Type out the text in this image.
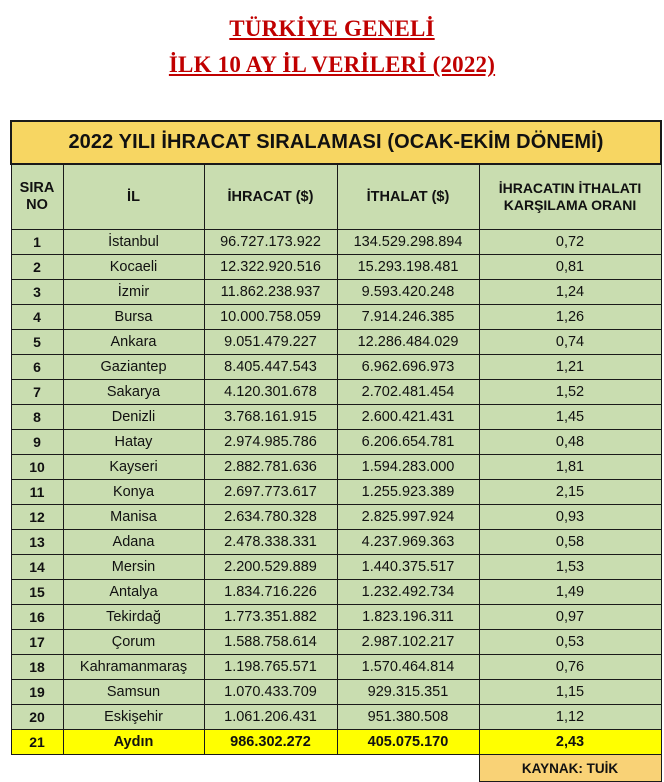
TÜRKİYE GENELİ
İLK 10 AY İL VERİLERİ (2022)
2022 YILI İHRACAT SIRALAMASI (OCAK-EKİM DÖNEMİ)				
SIRA NO	İL	İHRACAT ($)	İTHALAT ($)	İHRACATIN İTHALATI KARŞILAMA ORANI
1	İstanbul	96.727.173.922	134.529.298.894	0,72
2	Kocaeli	12.322.920.516	15.293.198.481	0,81
3	İzmir	11.862.238.937	9.593.420.248	1,24
4	Bursa	10.000.758.059	7.914.246.385	1,26
5	Ankara	9.051.479.227	12.286.484.029	0,74
6	Gaziantep	8.405.447.543	6.962.696.973	1,21
7	Sakarya	4.120.301.678	2.702.481.454	1,52
8	Denizli	3.768.161.915	2.600.421.431	1,45
9	Hatay	2.974.985.786	6.206.654.781	0,48
10	Kayseri	2.882.781.636	1.594.283.000	1,81
11	Konya	2.697.773.617	1.255.923.389	2,15
12	Manisa	2.634.780.328	2.825.997.924	0,93
13	Adana	2.478.338.331	4.237.969.363	0,58
14	Mersin	2.200.529.889	1.440.375.517	1,53
15	Antalya	1.834.716.226	1.232.492.734	1,49
16	Tekirdağ	1.773.351.882	1.823.196.311	0,97
17	Çorum	1.588.758.614	2.987.102.217	0,53
18	Kahramanmaraş	1.198.765.571	1.570.464.814	0,76
19	Samsun	1.070.433.709	929.315.351	1,15
20	Eskişehir	1.061.206.431	951.380.508	1,12
21	Aydın	986.302.272	405.075.170	2,43
				KAYNAK: TUİK
